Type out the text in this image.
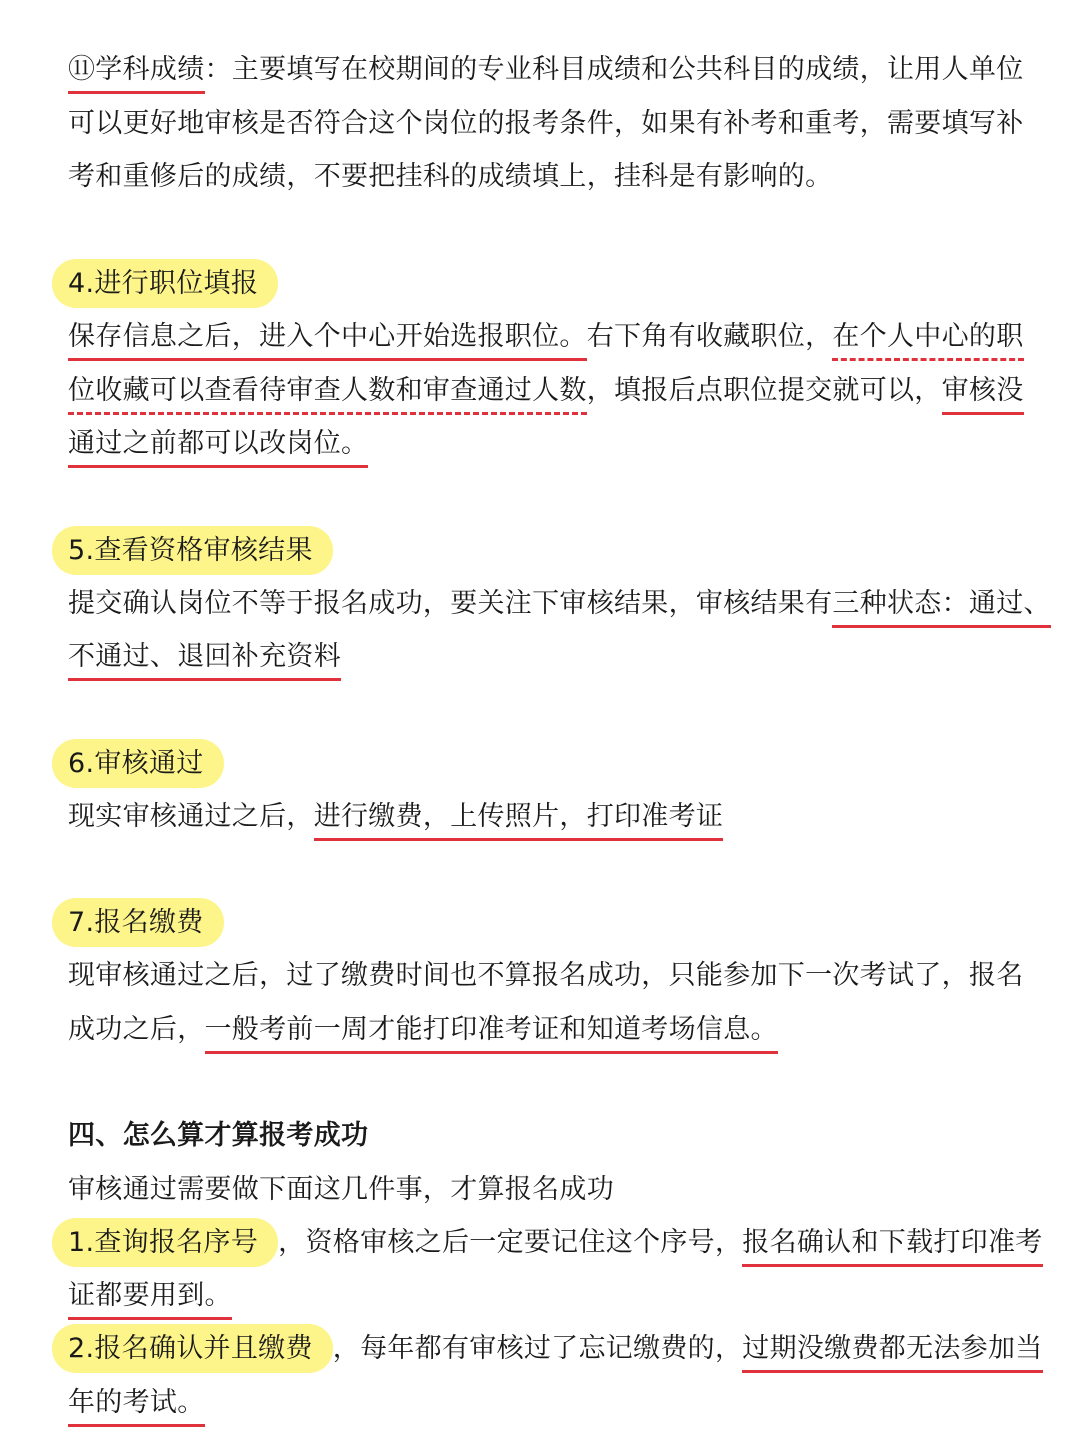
⑪学科成绩：主要填写在校期间的专业科目成绩和公共科目的成绩，让用人单位
可以更好地审核是否符合这个岗位的报考条件，如果有补考和重考，需要填写补
考和重修后的成绩，不要把挂科的成绩填上，挂科是有影响的。
4.进行职位填报
保存信息之后，进入个中心开始选报职位。右下角有收藏职位，在个人中心的职
位收藏可以查看待审查人数和审查通过人数，填报后点职位提交就可以，审核没
通过之前都可以改岗位。
5.查看资格审核结果
提交确认岗位不等于报名成功，要关注下审核结果，审核结果有三种状态：通过、
不通过、退回补充资料
6.审核通过
现实审核通过之后，进行缴费，上传照片，打印准考证
7.报名缴费
现审核通过之后，过了缴费时间也不算报名成功，只能参加下一次考试了，报名
成功之后，一般考前一周才能打印准考证和知道考场信息。
四、怎么算才算报考成功
审核通过需要做下面这几件事，才算报名成功
1.查询报名序号 ，资格审核之后一定要记住这个序号，报名确认和下载打印准考
证都要用到。
2.报名确认并且缴费 ，每年都有审核过了忘记缴费的，过期没缴费都无法参加当
年的考试。
